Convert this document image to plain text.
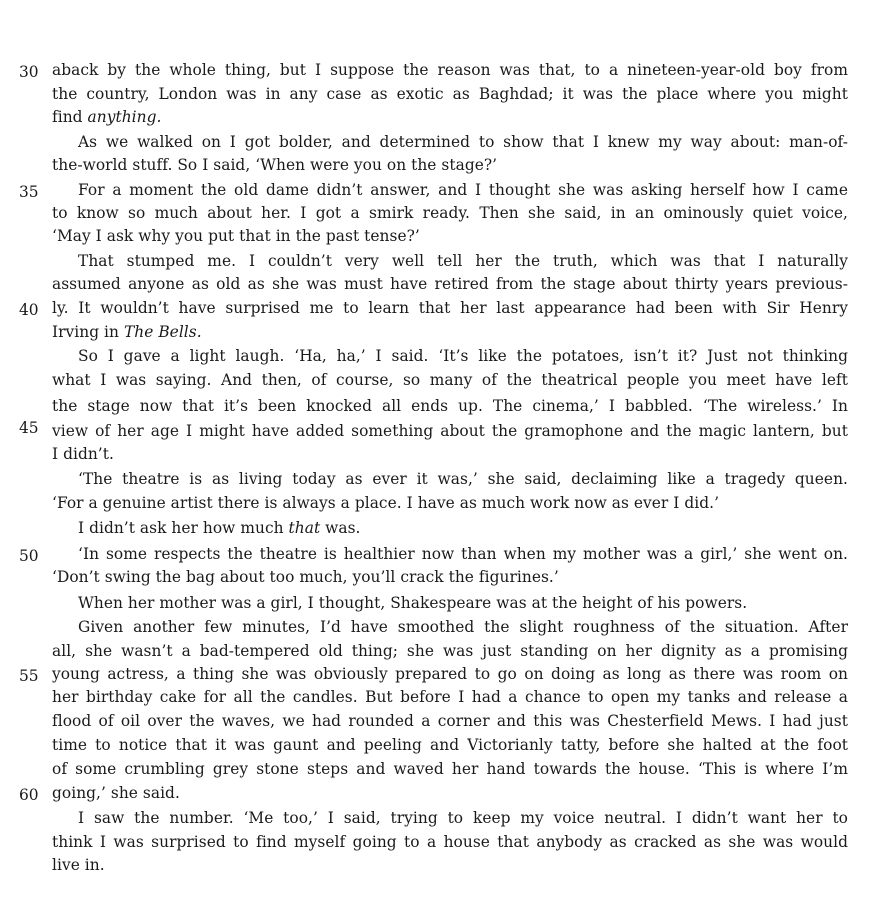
30
35
40
45
50
55
60
aback by the whole thing, but I suppose the reason was that, to a nineteen-year-old boy from
the country, London was in any case as exotic as Baghdad; it was the place where you might
find anything.
As we walked on I got bolder, and determined to show that I knew my way about: man-of-
the-world stuff. So I said, ‘When were you on the stage?’
For a moment the old dame didn’t answer, and I thought she was asking herself how I came
to know so much about her. I got a smirk ready. Then she said, in an ominously quiet voice,
‘May I ask why you put that in the past tense?’
That stumped me. I couldn’t very well tell her the truth, which was that I naturally
assumed anyone as old as she was must have retired from the stage about thirty years previous-
ly. It wouldn’t have surprised me to learn that her last appearance had been with Sir Henry
Irving in The Bells.
So I gave a light laugh. ‘Ha, ha,’ I said. ‘It’s like the potatoes, isn’t it? Just not thinking
what I was saying. And then, of course, so many of the theatrical people you meet have left
the stage now that it’s been knocked all ends up. The cinema,’ I babbled. ‘The wireless.’ In
view of her age I might have added something about the gramophone and the magic lantern, but
I didn’t.
‘The theatre is as living today as ever it was,’ she said, declaiming like a tragedy queen.
‘For a genuine artist there is always a place. I have as much work now as ever I did.’
I didn’t ask her how much that was.
‘In some respects the theatre is healthier now than when my mother was a girl,’ she went on.
‘Don’t swing the bag about too much, you’ll crack the figurines.’
When her mother was a girl, I thought, Shakespeare was at the height of his powers.
Given another few minutes, I’d have smoothed the slight roughness of the situation. After
all, she wasn’t a bad-tempered old thing; she was just standing on her dignity as a promising
young actress, a thing she was obviously prepared to go on doing as long as there was room on
her birthday cake for all the candles. But before I had a chance to open my tanks and release a
flood of oil over the waves, we had rounded a corner and this was Chesterfield Mews. I had just
time to notice that it was gaunt and peeling and Victorianly tatty, before she halted at the foot
of some crumbling grey stone steps and waved her hand towards the house. ‘This is where I’m
going,’ she said.
I saw the number. ‘Me too,’ I said, trying to keep my voice neutral. I didn’t want her to
think I was surprised to find myself going to a house that anybody as cracked as she was would
live in.
